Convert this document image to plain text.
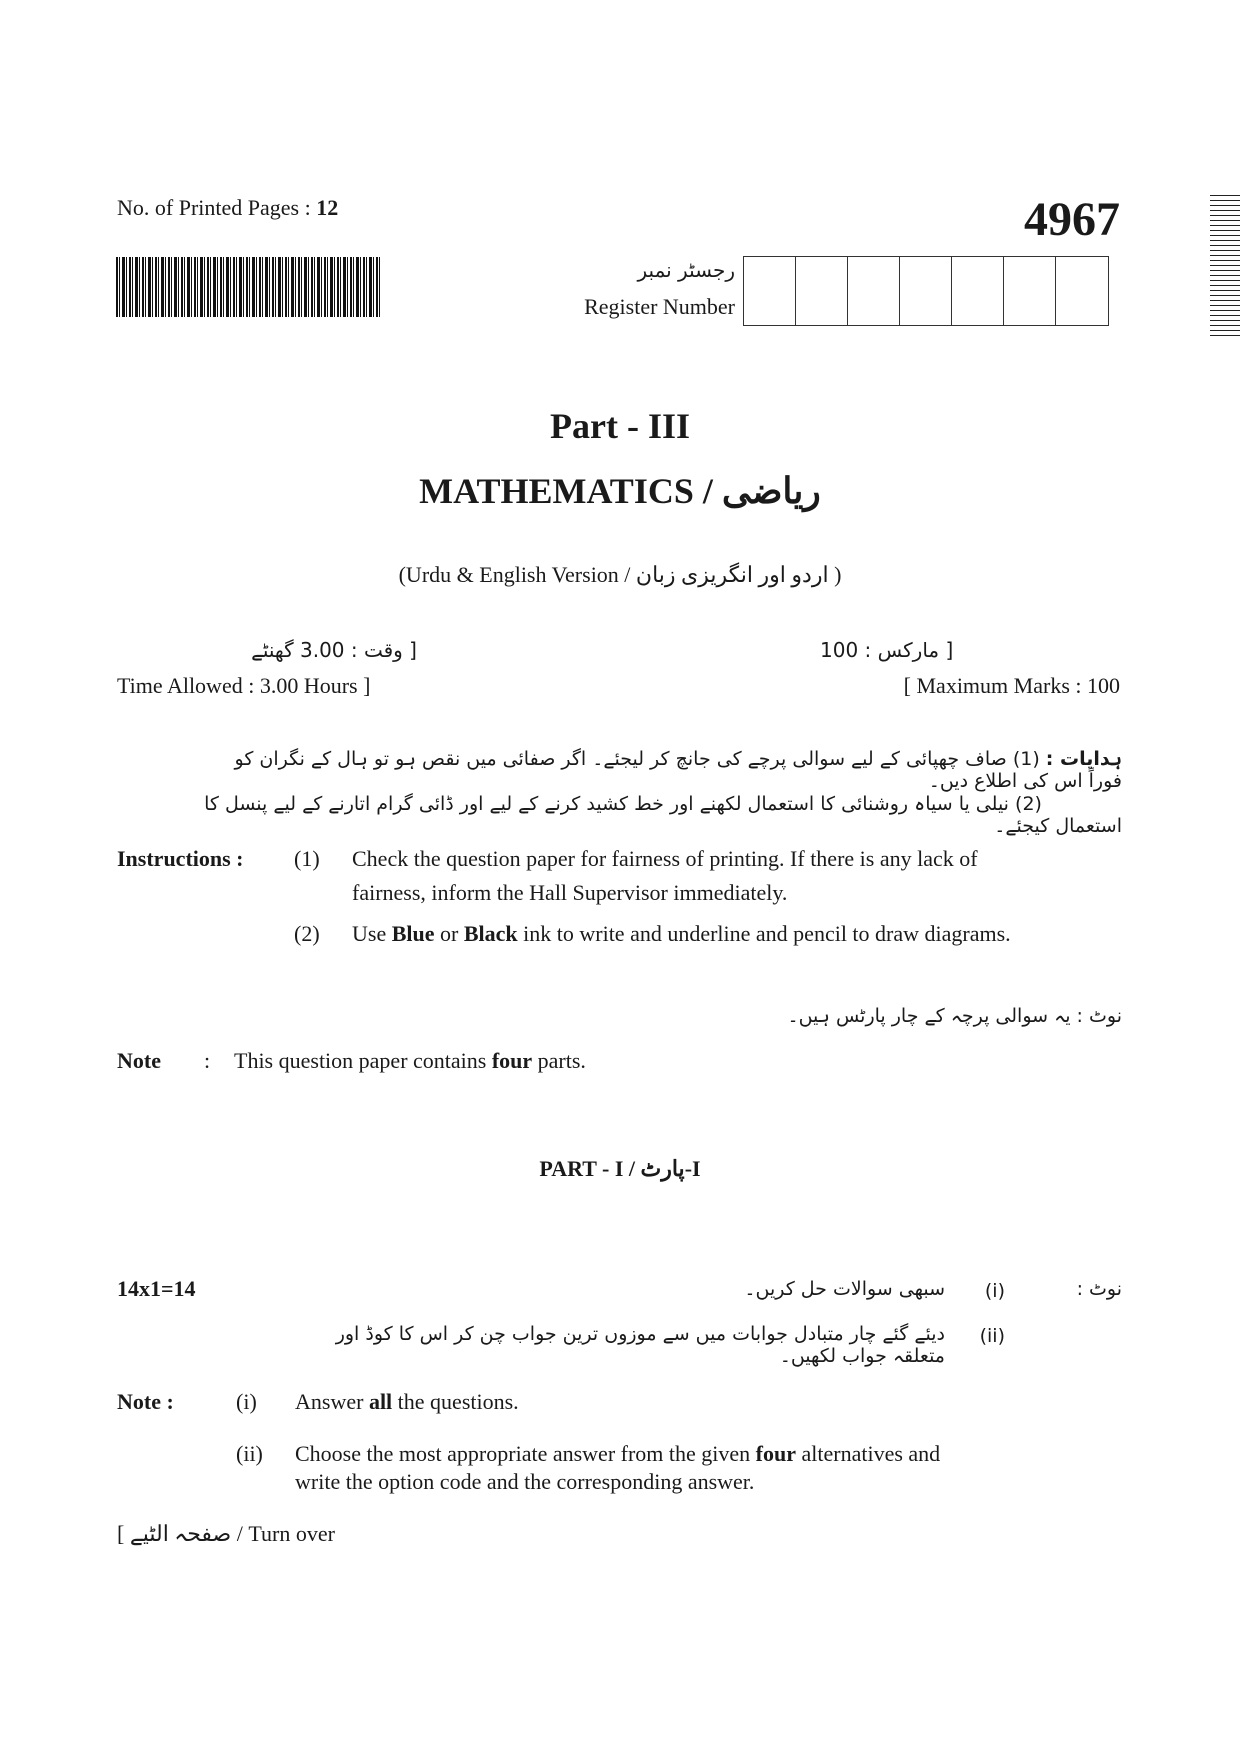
No. of Printed Pages : 12	4967
رجسٹر نمبر
Register Number
Part - III
MATHEMATICS / ریاضی
(Urdu & English Version / اردو اور انگریزی زبان )
[ وقت : 3.00 گھنٹے
Time Allowed : 3.00 Hours ]
[ مارکس : 100
[ Maximum Marks : 100
ہدایات : (1) صاف چھپائی کے لیے سوالی پرچے کی جانچ کر لیجئے۔ اگر صفائی میں نقص ہو تو ہال کے نگران کو فوراً اس کی اطلاع دیں۔
(2) نیلی یا سیاہ روشنائی کا استعمال لکھنے اور خط کشید کرنے کے لیے اور ڈائی گرام اتارنے کے لیے پنسل کا استعمال کیجئے۔
Instructions : (1) Check the question paper for fairness of printing. If there is any lack of
fairness, inform the Hall Supervisor immediately.
(2) Use Blue or Black ink to write and underline and pencil to draw diagrams.
نوٹ : یہ سوالی پرچہ کے چار پارٹس ہیں۔
Note : This question paper contains four parts.
PART - I / پارٹ-I
14x1=14	نوٹ :
(i)
سبھی سوالات حل کریں۔
(ii)
دیئے گئے چار متبادل جوابات میں سے موزوں ترین جواب چن کر اس کا کوڈ اور متعلقہ جواب لکھیں۔
Note :	(i) Answer all the questions.
(ii) Choose the most appropriate answer from the given four alternatives and
write the option code and the corresponding answer.
[ صفحہ الٹیے / Turn over
